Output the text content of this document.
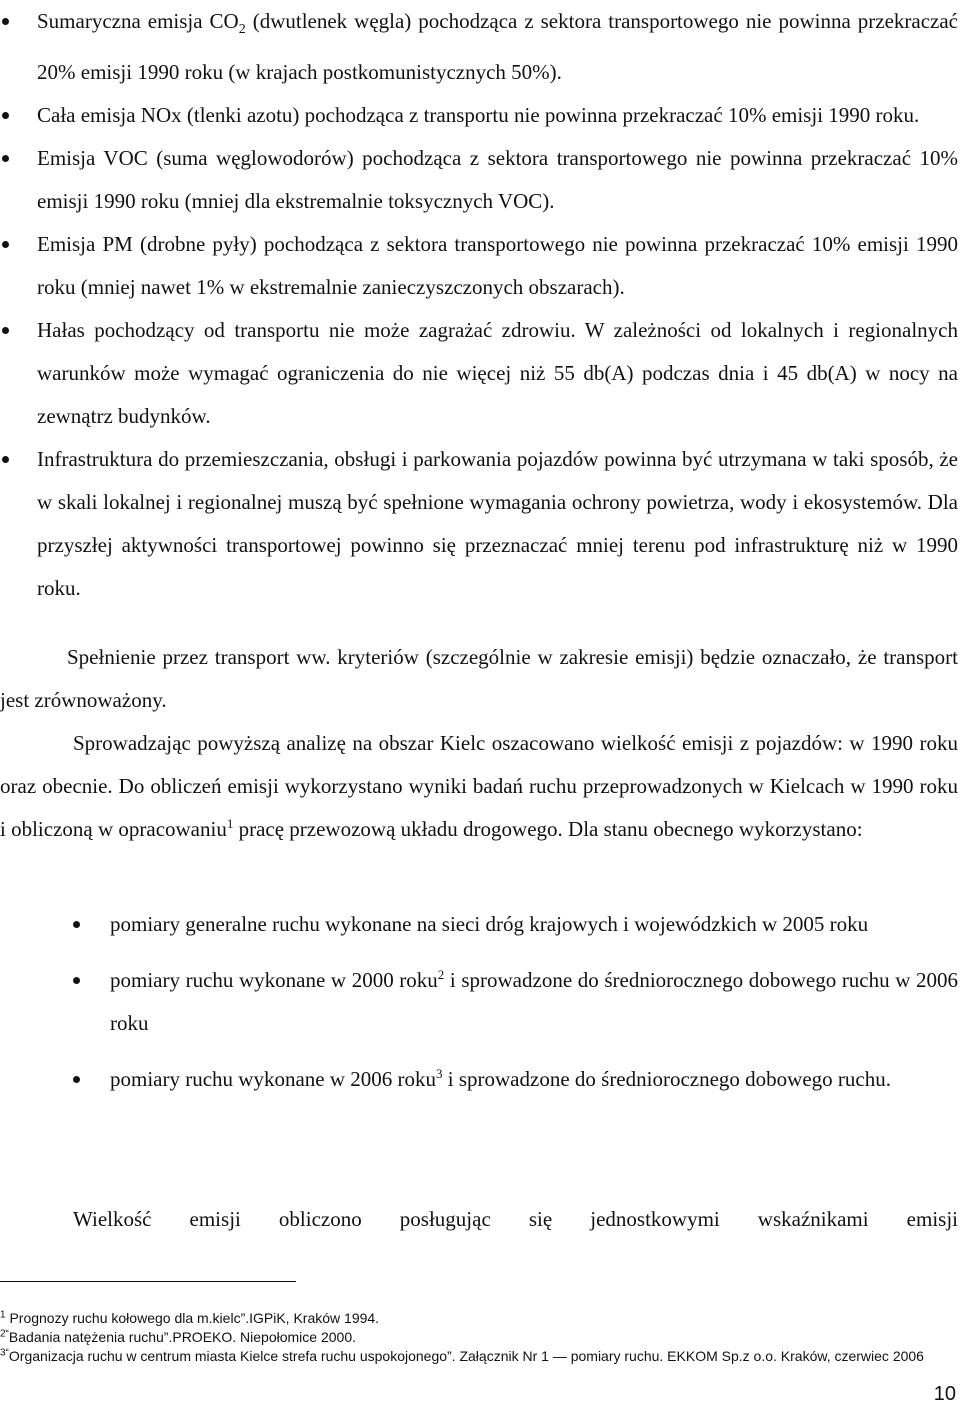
Sumaryczna emisja $CO_2$ (dwutlenek węgla) pochodząca z sektora transportowego nie powinna przekraczać 20% emisji 1990 roku (w krajach postkomunistycznych 50%).
Cała emisja NOx (tlenki azotu) pochodząca z transportu nie powinna przekraczać 10% emisji 1990 roku.
Emisja VOC (suma węglowodorów) pochodząca z sektora transportowego nie powinna przekraczać 10% emisji 1990 roku (mniej dla ekstremalnie toksycznych VOC).
Emisja PM (drobne pyły) pochodząca z sektora transportowego nie powinna przekraczać 10% emisji 1990 roku (mniej nawet 1% w ekstremalnie zanieczyszczonych obszarach).
Hałas pochodzący od transportu nie może zagrażać zdrowiu. W zależności od lokalnych i regionalnych warunków może wymagać ograniczenia do nie więcej niż 55 db(A) podczas dnia i 45 db(A) w nocy na zewnątrz budynków.
Infrastruktura do przemieszczania, obsługi i parkowania pojazdów powinna być utrzymana w taki sposób, że w skali lokalnej i regionalnej muszą być spełnione wymagania ochrony powietrza, wody i ekosystemów. Dla przyszłej aktywności transportowej powinno się przeznaczać mniej terenu pod infrastrukturę niż w 1990 roku.

Spełnienie przez transport ww. kryteriów (szczególnie w zakresie emisji) będzie oznaczało, że transport jest zrównoważony.

Sprowadzając powyższą analizę na obszar Kielc oszacowano wielkość emisji z pojazdów: w 1990 roku oraz obecnie. Do obliczeń emisji wykorzystano wyniki badań ruchu przeprowadzonych w Kielcach w 1990 roku i obliczoną w opracowaniu$^1$ pracę przewozową układu drogowego. Dla stanu obecnego wykorzystano:

pomiary generalne ruchu wykonane na sieci dróg krajowych i wojewódzkich w 2005 roku
pomiary ruchu wykonane w 2000 roku$^2$ i sprowadzone do średniorocznego dobowego ruchu w 2006 roku
pomiary ruchu wykonane w 2006 roku$^3$ i sprowadzone do średniorocznego dobowego ruchu.

Wielkość emisji obliczono posługując się jednostkowymi wskaźnikami emisji

$^1$ Prognozy ruchu kołowego dla m.kielc”.IGPiK, Kraków 1994.
$^{2“}$Badania natężenia ruchu”.PROEKO. Niepołomice 2000.
$^{3“}$Organizacja ruchu w centrum miasta Kielce strefa ruchu uspokojonego”. Załącznik Nr 1 — pomiary ruchu. EKKOM Sp.z o.o. Kraków, czerwiec 2006
10
